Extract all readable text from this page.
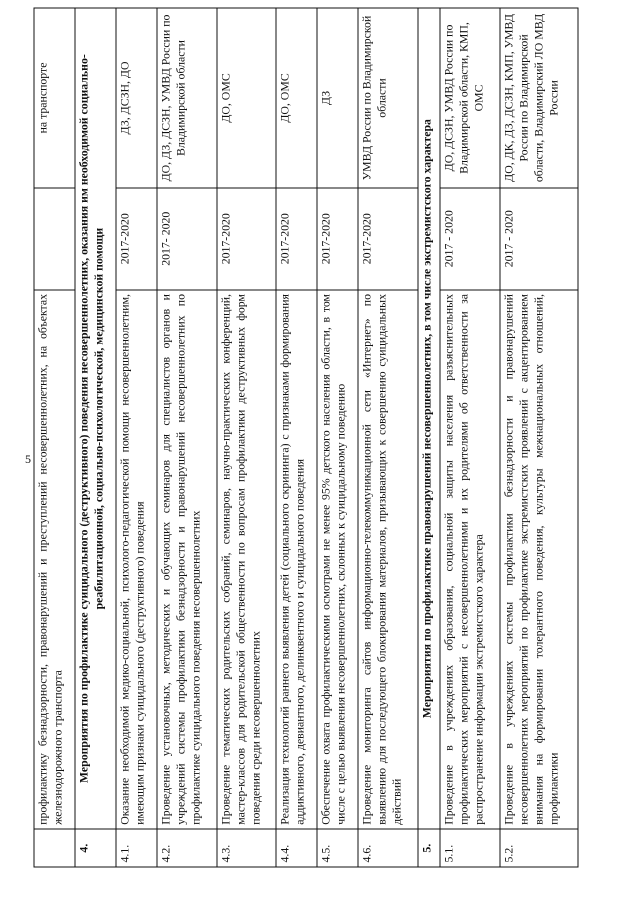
5
	профилактику безнадзорности, правонарушений и преступлений несовершеннолетних, на объектах железнодорожного транспорта		на транспорте
4.	Мероприятия по профилактике суицидального (деструктивного) поведения несовершеннолетних, оказания им необходимой социально-реабилитационной, социально-психологической, медицинской помощи		
4.1.	Оказание необходимой медико-социальной, психолого-педагогической помощи несовершеннолетним, имеющим признаки суицидального (деструктивного) поведения	2017-2020	ДЗ, ДСЗН, ДО
4.2.	Проведение установочных, методических и обучающих семинаров для специалистов органов и учреждений системы профилактики безнадзорности и правонарушений несовершеннолетних по профилактике суицидального поведения несовершеннолетних	2017- 2020	ДО, ДЗ, ДСЗН, УМВД России по Владимирской области
4.3.	Проведение тематических родительских собраний, семинаров, научно-практических конференций, мастер-классов для родительской общественности по вопросам профилактики деструктивных форм поведения среди несовершеннолетних	2017-2020	ДО, ОМС
4.4.	Реализация технологий раннего выявления детей (социального скрининга) с признаками формирования аддиктивного, девиантного, делинквентного и суицидального поведения	2017-2020	ДО, ОМС
4.5.	Обеспечение охвата профилактическими осмотрами не менее 95% детского населения области, в том числе с целью выявления несовершеннолетних, склонных к суицидальному поведению	2017-2020	ДЗ
4.6.	Проведение мониторинга сайтов информационно-телекоммуникационной сети «Интернет» по выявлению для последующего блокирования материалов, призывающих к совершению суицидальных действий	2017-2020	УМВД России по Владимирской области
5.	Мероприятия по профилактике правонарушений несовершеннолетних, в том числе экстремистского характера		
5.1.	Проведение в учреждениях образования, социальной защиты населения разъяснительных профилактических мероприятий с несовершеннолетними и их родителями об ответственности за распространение информации экстремистского характера	2017 - 2020	ДО, ДСЗН, УМВД России по Владимирской области, КМП, ОМС
5.2.	Проведение в учреждениях системы профилактики безнадзорности и правонарушений несовершеннолетних мероприятий по профилактике экстремистских проявлений с акцентированием внимания на формировании толерантного поведения, культуры межнациональных отношений, профилактики	2017 - 2020	ДО, ДК, ДЗ, ДСЗН, КМП, УМВД России по Владимирской области, Владимирский ЛО МВД России
